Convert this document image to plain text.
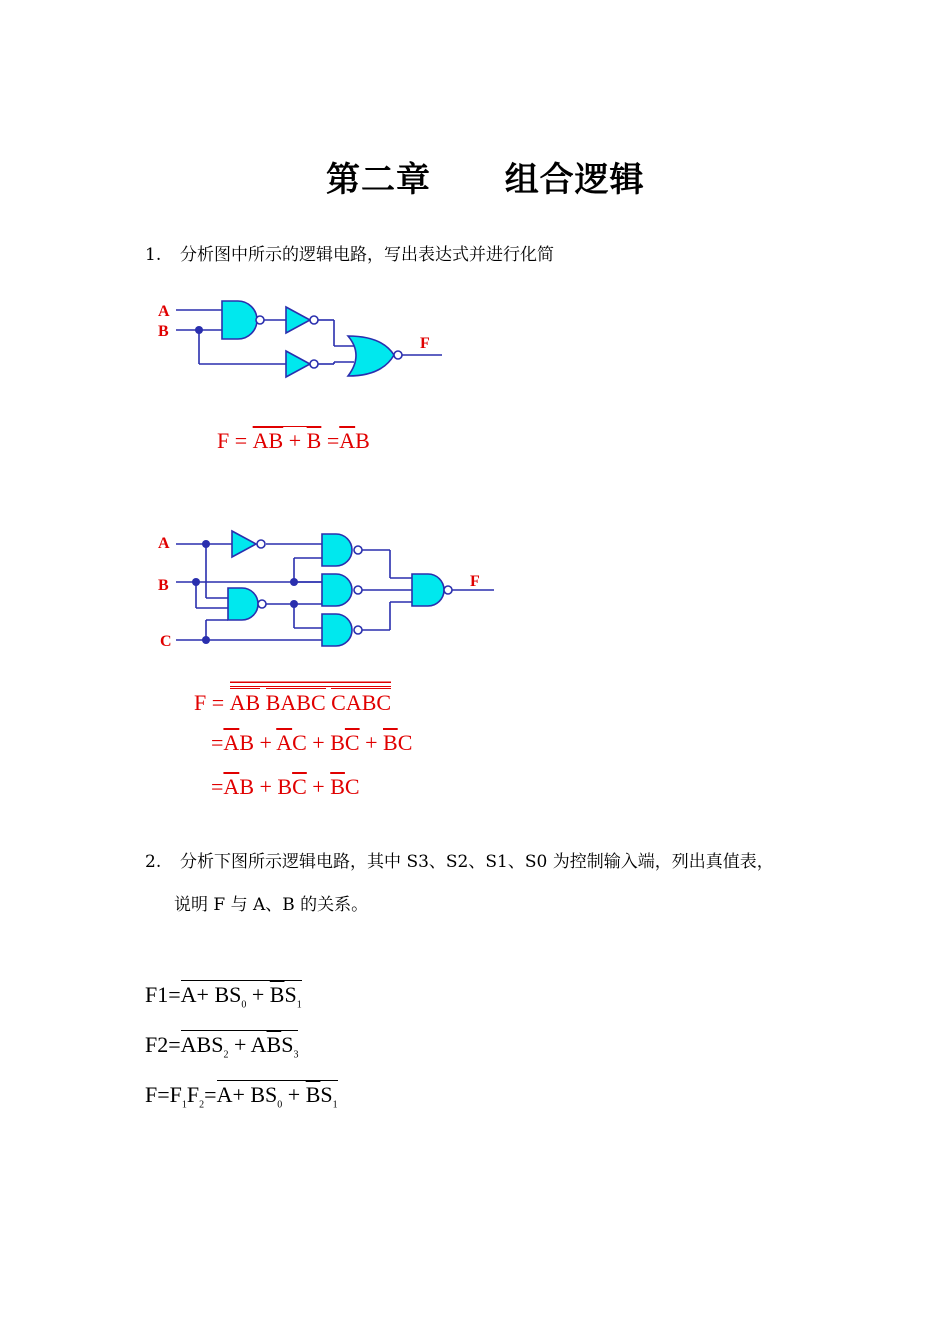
第二章 组合逻辑
1. 分析图中所示的逻辑电路，写出表达式并进行化简
A
B
F
$F = \overline{AB} + \overline{B} =\overline{A}B$
A
B
C
F
F = AB BABC CABC
$=\overline{A}B + \overline{A}C + B\overline{C} + \overline{B}C$
$=\overline{A}B + B\overline{C} + \overline{B}C$
2. 分析下图所示逻辑电路，其中 S3、S2、S1、S0 为控制输入端，列出真值表，
说明 F 与 A、B 的关系。
$F1=A+ BS_0 + \overline{B}S_1$
$F2=ABS_2 + A\overline{B}S_3$
$F=F_1F_2=A+ BS_0 + \overline{B}S_1$
